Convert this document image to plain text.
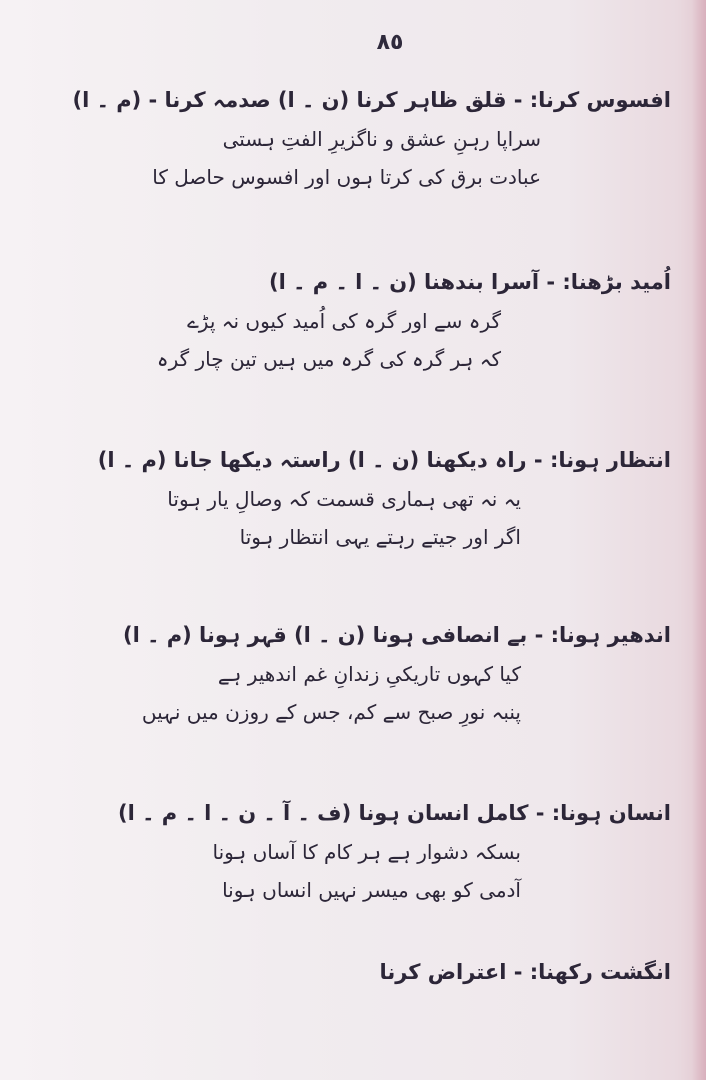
٨٥
افسوس کرنا: - قلق ظاہر کرنا (ن ۔ ا) صدمہ کرنا - (م ۔ ا)
سراپا رہنِ عشق و ناگزیرِ الفتِ ہستی
عبادت برق کی کرتا ہوں اور افسوس حاصل کا
اُمید بڑھنا: - آسرا بندھنا (ن ۔ ا ۔ م ۔ ا)
گرہ سے اور گرہ کی اُمید کیوں نہ پڑے
کہ ہر گرہ کی گرہ میں ہیں تین چار گرہ
انتظار ہونا: - راہ دیکھنا (ن ۔ ا) راستہ دیکھا جانا (م ۔ ا)
یہ نہ تھی ہماری قسمت کہ وصالِ یار ہوتا
اگر اور جیتے رہتے یہی انتظار ہوتا
اندھیر ہونا: - بے انصافی ہونا (ن ۔ ا) قہر ہونا (م ۔ ا)
کیا کہوں تاریکیِ زندانِ غم اندھیر ہے
پنبہ نورِ صبح سے کم، جس کے روزن میں نہیں
انسان ہونا: - کامل انسان ہونا (ف ۔ آ ۔ ن ۔ ا ۔ م ۔ ا)
بسکہ دشوار ہے ہر کام کا آساں ہونا
آدمی کو بھی میسر نہیں انساں ہونا
انگشت رکھنا: - اعتراض کرنا
